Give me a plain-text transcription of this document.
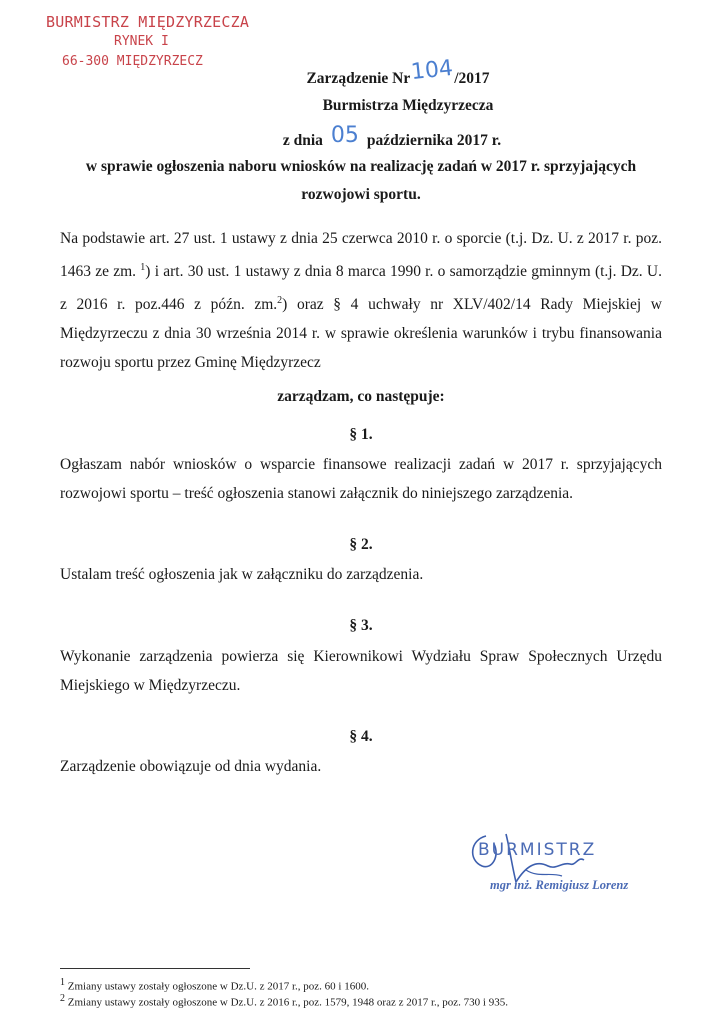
BURMISTRZ MIĘDZYRZECZA
RYNEK I
66-300 MIĘDZYRZECZ
Zarządzenie Nr104/2017
Burmistrza Międzyrzecza
z dnia 05 października 2017 r.
w sprawie ogłoszenia naboru wniosków na realizację zadań w 2017 r. sprzyjających
rozwojowi sportu.
Na podstawie art. 27 ust. 1 ustawy z dnia 25 czerwca 2010 r. o sporcie (t.j. Dz. U. z 2017 r. poz. 1463 ze zm. $^1$) i art. 30 ust. 1 ustawy z dnia 8 marca 1990 r. o samorządzie gminnym (t.j. Dz. U. z 2016 r. poz.446 z późn. zm.$^2$) oraz § 4 uchwały nr XLV/402/14 Rady Miejskiej w Międzyrzeczu z dnia 30 września 2014 r. w sprawie określenia warunków i trybu finansowania rozwoju sportu przez Gminę Międzyrzecz
zarządzam, co następuje:
§ 1.
Ogłaszam nabór wniosków o wsparcie finansowe realizacji zadań w 2017 r. sprzyjających rozwojowi sportu – treść ogłoszenia stanowi załącznik do niniejszego zarządzenia.
§ 2.
Ustalam treść ogłoszenia jak w załączniku do zarządzenia.
§ 3.
Wykonanie zarządzenia powierza się Kierownikowi Wydziału Spraw Społecznych Urzędu Miejskiego w Międzyrzeczu.
§ 4.
Zarządzenie obowiązuje od dnia wydania.
BURMISTRZ
mgr inż. Remigiusz Lorenz
$^1$ Zmiany ustawy zostały ogłoszone w Dz.U. z 2017 r., poz. 60 i 1600.
$^2$ Zmiany ustawy zostały ogłoszone w Dz.U. z 2016 r., poz. 1579, 1948 oraz z 2017 r., poz. 730 i 935.
